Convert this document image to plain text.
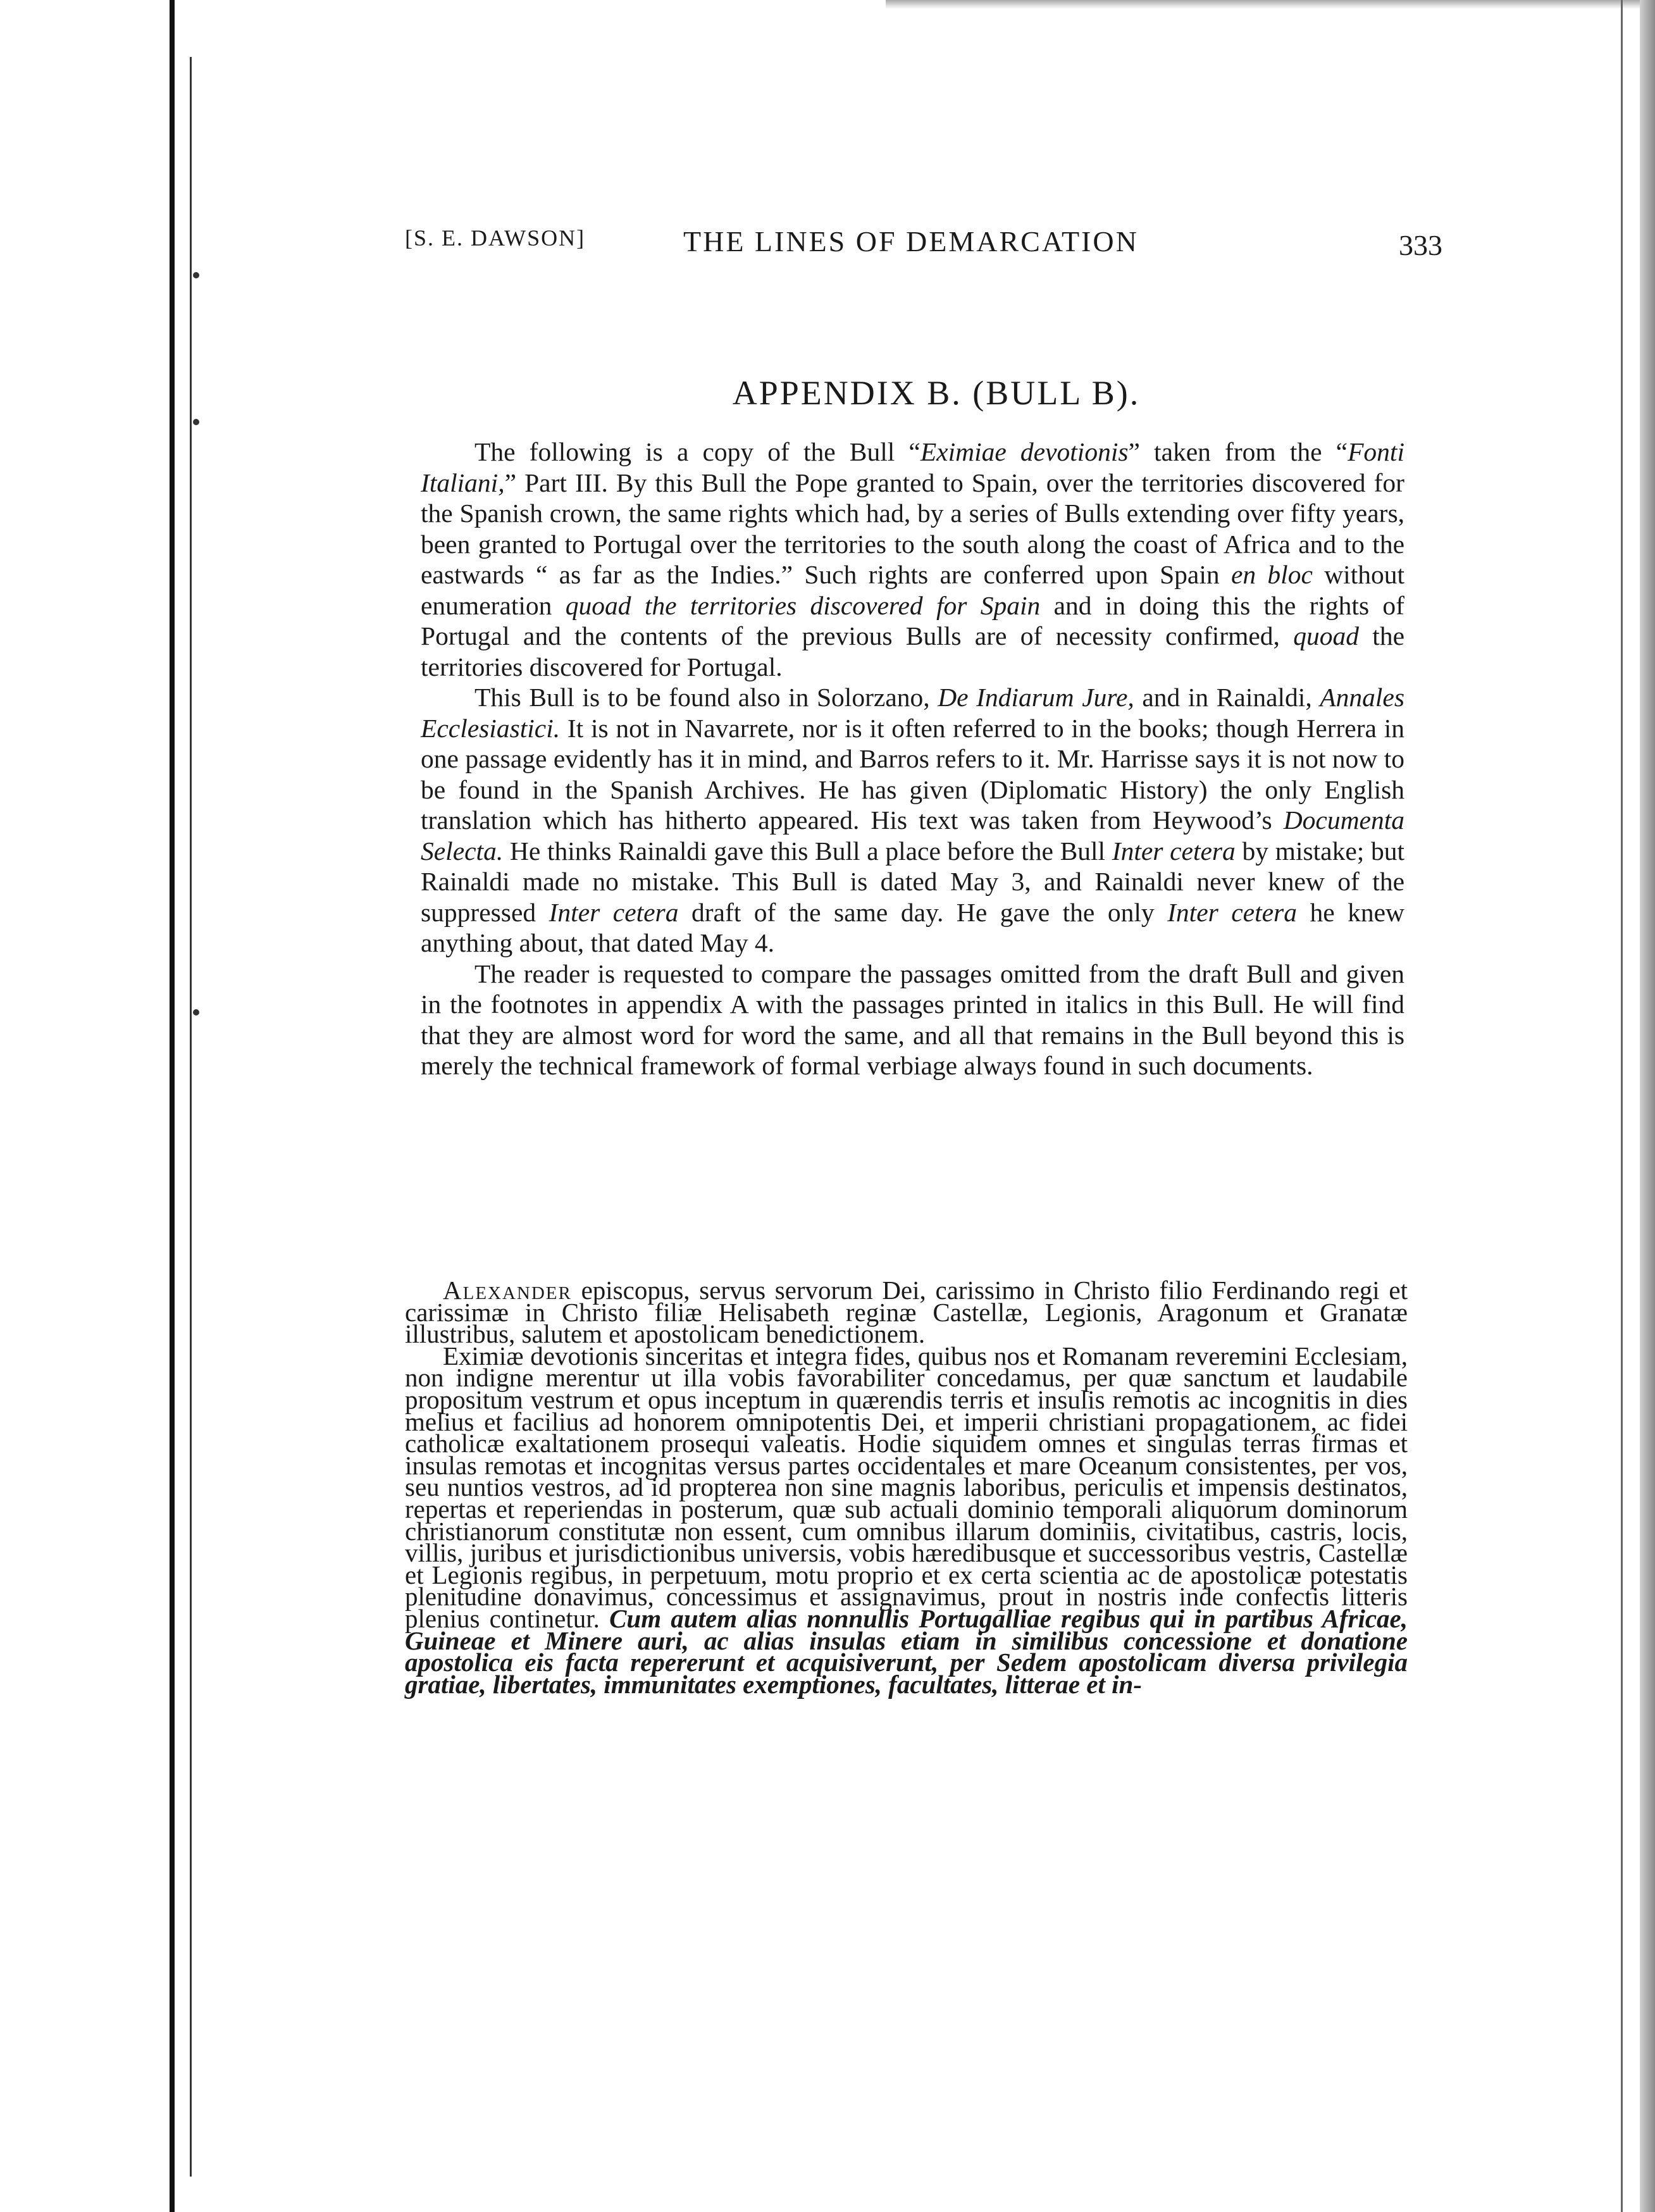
[S. E. DAWSON]	THE LINES OF DEMARCATION	333
APPENDIX B. (BULL B).

The following is a copy of the Bull “Eximiae devotionis” taken from the “Fonti Italiani,” Part III. By this Bull the Pope granted to Spain, over the territories discovered for the Spanish crown, the same rights which had, by a series of Bulls extending over fifty years, been granted to Portugal over the territories to the south along the coast of Africa and to the eastwards “ as far as the Indies.” Such rights are conferred upon Spain en bloc without enumeration quoad the territories discovered for Spain and in doing this the rights of Portugal and the contents of the previous Bulls are of necessity confirmed, quoad the territories discovered for Portugal.

This Bull is to be found also in Solorzano, De Indiarum Jure, and in Rainaldi, Annales Ecclesiastici. It is not in Navarrete, nor is it often referred to in the books; though Herrera in one passage evidently has it in mind, and Barros refers to it. Mr. Harrisse says it is not now to be found in the Spanish Archives. He has given (Diplomatic History) the only English translation which has hitherto appeared. His text was taken from Heywood’s Documenta Selecta. He thinks Rainaldi gave this Bull a place before the Bull Inter cetera by mistake; but Rainaldi made no mistake. This Bull is dated May 3, and Rainaldi never knew of the suppressed Inter cetera draft of the same day. He gave the only Inter cetera he knew anything about, that dated May 4.

The reader is requested to compare the passages omitted from the draft Bull and given in the footnotes in appendix A with the passages printed in italics in this Bull. He will find that they are almost word for word the same, and all that remains in the Bull beyond this is merely the technical framework of formal verbiage always found in such documents.

Alexander episcopus, servus servorum Dei, carissimo in Christo filio Ferdinando regi et carissimæ in Christo filiæ Helisabeth reginæ Castellæ, Legionis, Aragonum et Granatæ illustribus, salutem et apostolicam benedictionem.

Eximiæ devotionis sinceritas et integra fides, quibus nos et Romanam reveremini Ecclesiam, non indigne merentur ut illa vobis favorabiliter concedamus, per quæ sanctum et laudabile propositum vestrum et opus inceptum in quærendis terris et insulis remotis ac incognitis in dies melius et facilius ad honorem omnipotentis Dei, et imperii christiani propagationem, ac fidei catholicæ exaltationem prosequi valeatis. Hodie siquidem omnes et singulas terras firmas et insulas remotas et incognitas versus partes occidentales et mare Oceanum consistentes, per vos, seu nuntios vestros, ad id propterea non sine magnis laboribus, periculis et impensis destinatos, repertas et reperiendas in posterum, quæ sub actuali dominio temporali aliquorum dominorum christianorum constitutæ non essent, cum omnibus illarum dominiis, civitatibus, castris, locis, villis, juribus et jurisdictionibus universis, vobis hæredibusque et successoribus vestris, Castellæ et Legionis regibus, in perpetuum, motu proprio et ex certa scientia ac de apostolicæ potestatis plenitudine donavimus, concessimus et assignavimus, prout in nostris inde confectis litteris plenius continetur. Cum autem alias nonnullis Portugalliae regibus qui in partibus Africae, Guineae et Minere auri, ac alias insulas etiam in similibus concessione et donatione apostolica eis facta repererunt et acquisiverunt, per Sedem apostolicam diversa privilegia gratiae, libertates, immunitates exemptiones, facultates, litterae et in-
